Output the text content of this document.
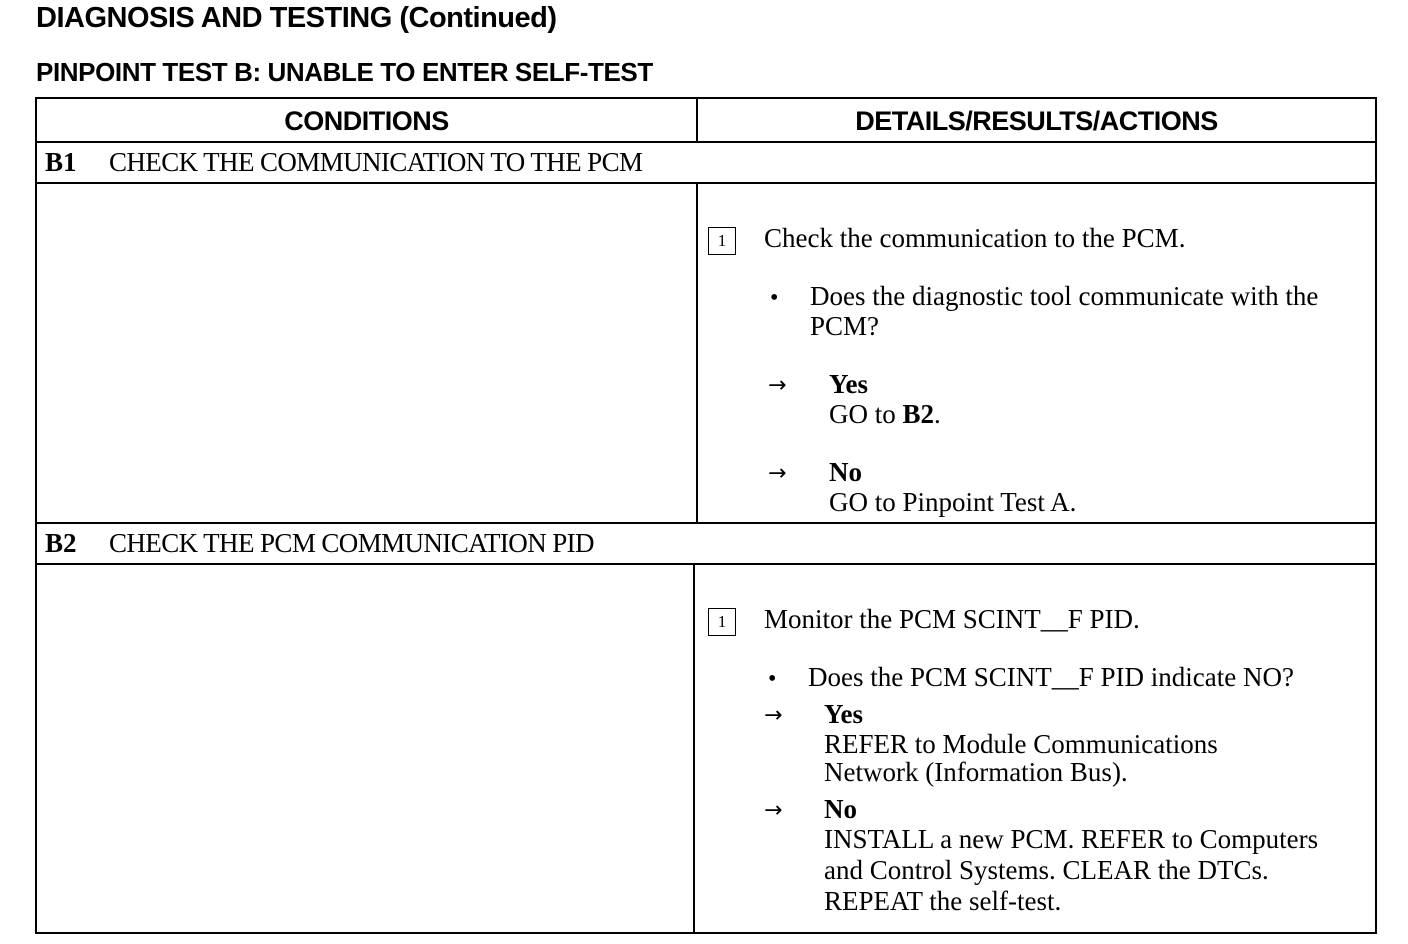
DIAGNOSIS AND TESTING (Continued)
PINPOINT TEST B: UNABLE TO ENTER SELF-TEST
CONDITIONS	DETAILS/RESULTS/ACTIONS
B1	CHECK THE COMMUNICATION TO THE PCM
1	Check the communication to the PCM.
• Does the diagnostic tool communicate with the
PCM?
→ Yes
GO to B2.
→ No
GO to Pinpoint Test A.
B2	CHECK THE PCM COMMUNICATION PID
1	Monitor the PCM SCINT__F PID.
• Does the PCM SCINT__F PID indicate NO?
→ Yes
REFER to Module Communications
Network (Information Bus).
→ No
INSTALL a new PCM. REFER to Computers
and Control Systems. CLEAR the DTCs.
REPEAT the self-test.
